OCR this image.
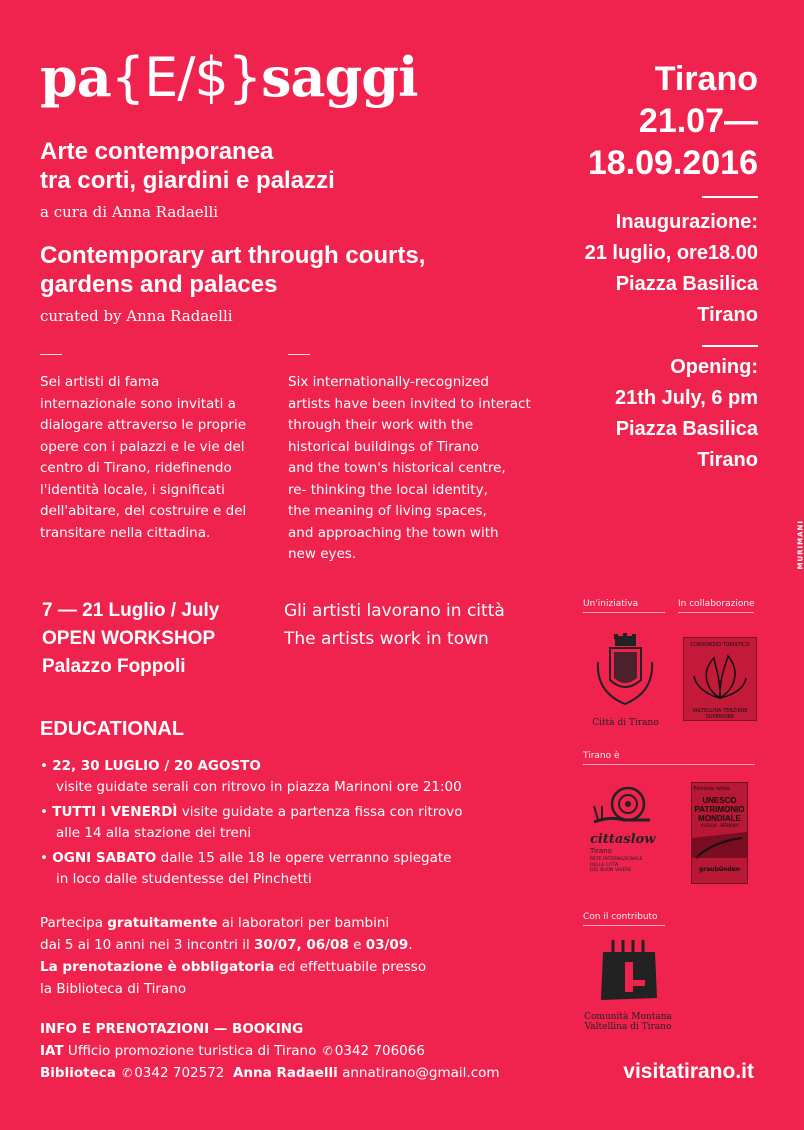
pa{E/$}saggi
Arte contemporanea
tra corti, giardini e palazzi
a cura di Anna Radaelli
Contemporary art through courts,
gardens and palaces
curated by Anna Radaelli
Tirano
21.07—
18.09.2016
Inaugurazione:
21 luglio, ore18.00
Piazza Basilica
Tirano
Opening:
21th July, 6 pm
Piazza Basilica
Tirano
Sei artisti di fama
internazionale sono invitati a
dialogare attraverso le proprie
opere con i palazzi e le vie del
centro di Tirano, ridefinendo
l'identità locale, i significati
dell'abitare, del costruire e del
transitare nella cittadina.
Six internationally-recognized
artists have been invited to interact
through their work with the
historical buildings of Tirano
and the town's historical centre,
re- thinking the local identity,
the meaning of living spaces,
and approaching the town with
new eyes.	MURIMANI
7 — 21 Luglio / July
OPEN WORKSHOP
Palazzo Foppoli
Gli artisti lavorano in città
The artists work in town
EDUCATIONAL
• 22, 30 LUGLIO / 20 AGOSTO
visite guidate serali con ritrovo in piazza Marinoni ore 21:00
• TUTTI I VENERDÌ visite guidate a partenza fissa con ritrovo
alle 14 alla stazione dei treni
• OGNI SABATO dalle 15 alle 18 le opere verranno spiegate
in loco dalle studentesse del Pinchetti
Partecipa gratuitamente ai laboratori per bambini
dai 5 ai 10 anni nei 3 incontri il 30/07, 06/08 e 03/09.
La prenotazione è obbligatoria ed effettuabile presso
la Biblioteca di Tirano
INFO E PRENOTAZIONI — BOOKING
IAT Ufficio promozione turistica di Tirano ✆ 0342 706066
Biblioteca ✆ 0342 702572 Anna Radaelli annatirano@gmail.com	visitatirano.it
Un'iniziativa	In collaborazione
Città di Tirano
CONSORZIO TURISTICO
VALTELLINA TERZIERE SUPERIORE
Tirano è
cittaslow
Tirano
RETE INTERNAZIONALE
DELLE CITTÀ
DEL BUON VIVERE
Ferrovia retica
UNESCO
PATRIMONIO
MONDIALE
ALBULA · BERNINA
graubünden
Con il contributo
Comunità Montana
Valtellina di Tirano
